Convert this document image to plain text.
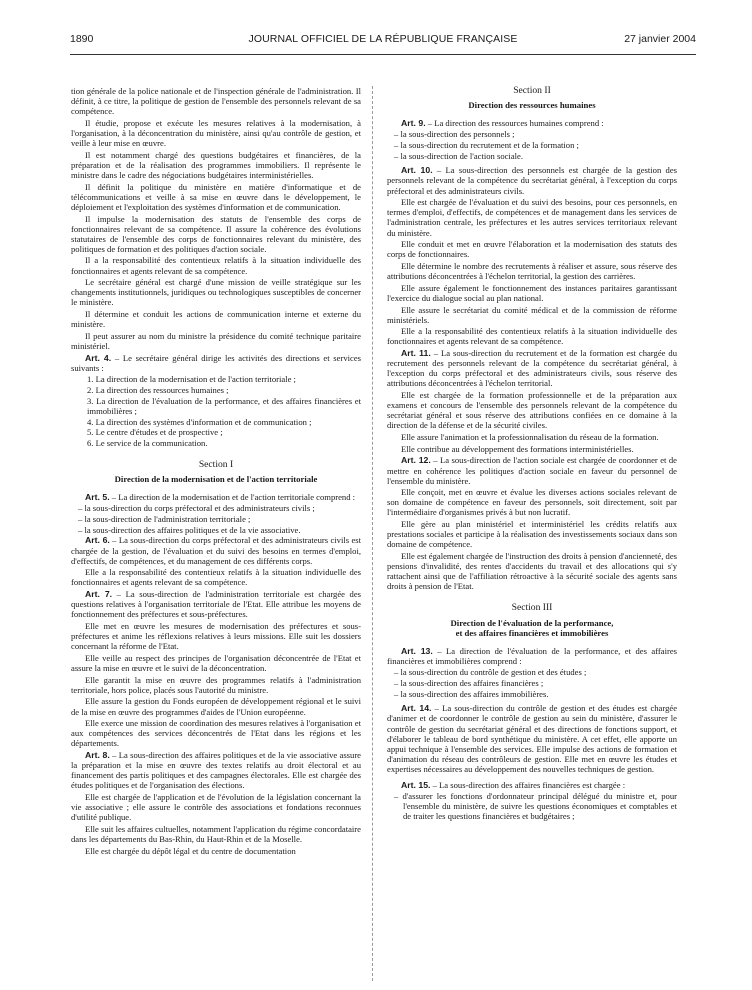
1890	JOURNAL OFFICIEL DE LA RÉPUBLIQUE FRANÇAISE	27 janvier 2004

tion générale de la police nationale et de l'inspection générale de l'administration. Il définit, à ce titre, la politique de gestion de l'ensemble des personnels relevant de sa compétence.

Il étudie, propose et exécute les mesures relatives à la modernisation, à l'organisation, à la déconcentration du ministère, ainsi qu'au contrôle de gestion, et veille à leur mise en œuvre.

Il est notamment chargé des questions budgétaires et financières, de la préparation et de la réalisation des programmes immobiliers. Il représente le ministre dans le cadre des négociations budgétaires interministérielles.

Il définit la politique du ministère en matière d'informatique et de télécommunications et veille à sa mise en œuvre dans le développement, le déploiement et l'exploitation des systèmes d'information et de communication.

Il impulse la modernisation des statuts de l'ensemble des corps de fonctionnaires relevant de sa compétence. Il assure la cohérence des évolutions statutaires de l'ensemble des corps de fonctionnaires relevant du ministère, des politiques de formation et des politiques d'action sociale.

Il a la responsabilité des contentieux relatifs à la situation individuelle des fonctionnaires et agents relevant de sa compétence.

Le secrétaire général est chargé d'une mission de veille stratégique sur les changements institutionnels, juridiques ou technologiques susceptibles de concerner le ministère.

Il détermine et conduit les actions de communication interne et externe du ministère.

Il peut assurer au nom du ministre la présidence du comité technique paritaire ministériel.

Art. 4. – Le secrétaire général dirige les activités des directions et services suivants :

1. La direction de la modernisation et de l'action territoriale ;
2. La direction des ressources humaines ;
3. La direction de l'évaluation de la performance, et des affaires financières et immobilières ;
4. La direction des systèmes d'information et de communication ;
5. Le centre d'études et de prospective ;
6. Le service de la communication.
Section I
Direction de la modernisation et de l'action territoriale

Art. 5. – La direction de la modernisation et de l'action territoriale comprend :

– la sous-direction du corps préfectoral et des administrateurs civils ;
– la sous-direction de l'administration territoriale ;
– la sous-direction des affaires politiques et de la vie associative.

Art. 6. – La sous-direction du corps préfectoral et des administrateurs civils est chargée de la gestion, de l'évaluation et du suivi des besoins en termes d'emploi, d'effectifs, de compétences, et du management de ces différents corps.

Elle a la responsabilité des contentieux relatifs à la situation individuelle des fonctionnaires et agents relevant de sa compétence.

Art. 7. – La sous-direction de l'administration territoriale est chargée des questions relatives à l'organisation territoriale de l'Etat. Elle attribue les moyens de fonctionnement des préfectures et sous-préfectures.

Elle met en œuvre les mesures de modernisation des préfectures et sous-préfectures et anime les réflexions relatives à leurs missions. Elle suit les dossiers concernant la réforme de l'Etat.

Elle veille au respect des principes de l'organisation déconcentrée de l'Etat et assure la mise en œuvre et le suivi de la déconcentration.

Elle garantit la mise en œuvre des programmes relatifs à l'administration territoriale, hors police, placés sous l'autorité du ministre.

Elle assure la gestion du Fonds européen de développement régional et le suivi de la mise en œuvre des programmes d'aides de l'Union européenne.

Elle exerce une mission de coordination des mesures relatives à l'organisation et aux compétences des services déconcentrés de l'Etat dans les régions et les départements.

Art. 8. – La sous-direction des affaires politiques et de la vie associative assure la préparation et la mise en œuvre des textes relatifs au droit électoral et au financement des partis politiques et des campagnes électorales. Elle est chargée des études politiques et de l'organisation des élections.

Elle est chargée de l'application et de l'évolution de la législation concernant la vie associative ; elle assure le contrôle des associations et fondations reconnues d'utilité publique.

Elle suit les affaires cultuelles, notamment l'application du régime concordataire dans les départements du Bas-Rhin, du Haut-Rhin et de la Moselle.

Elle est chargée du dépôt légal et du centre de documentation

Section II
Direction des ressources humaines

Art. 9. – La direction des ressources humaines comprend :

– la sous-direction des personnels ;
– la sous-direction du recrutement et de la formation ;
– la sous-direction de l'action sociale.

Art. 10. – La sous-direction des personnels est chargée de la gestion des personnels relevant de la compétence du secrétariat général, à l'exception du corps préfectoral et des administrateurs civils.

Elle est chargée de l'évaluation et du suivi des besoins, pour ces personnels, en termes d'emploi, d'effectifs, de compétences et de management dans les services de l'administration centrale, les préfectures et les autres services territoriaux relevant du ministère.

Elle conduit et met en œuvre l'élaboration et la modernisation des statuts des corps de fonctionnaires.

Elle détermine le nombre des recrutements à réaliser et assure, sous réserve des attributions déconcentrées à l'échelon territorial, la gestion des carrières.

Elle assure également le fonctionnement des instances paritaires garantissant l'exercice du dialogue social au plan national.

Elle assure le secrétariat du comité médical et de la commission de réforme ministériels.

Elle a la responsabilité des contentieux relatifs à la situation individuelle des fonctionnaires et agents relevant de sa compétence.

Art. 11. – La sous-direction du recrutement et de la formation est chargée du recrutement des personnels relevant de la compétence du secrétariat général, à l'exception du corps préfectoral et des administrateurs civils, sous réserve des attributions déconcentrées à l'échelon territorial.

Elle est chargée de la formation professionnelle et de la préparation aux examens et concours de l'ensemble des personnels relevant de la compétence du secrétariat général et sous réserve des attributions confiées en ce domaine à la direction de la défense et de la sécurité civiles.

Elle assure l'animation et la professionnalisation du réseau de la formation.

Elle contribue au développement des formations interministérielles.

Art. 12. – La sous-direction de l'action sociale est chargée de coordonner et de mettre en cohérence les politiques d'action sociale en faveur du personnel de l'ensemble du ministère.

Elle conçoit, met en œuvre et évalue les diverses actions sociales relevant de son domaine de compétence en faveur des personnels, soit directement, soit par l'intermédiaire d'organismes privés à but non lucratif.

Elle gère au plan ministériel et interministériel les crédits relatifs aux prestations sociales et participe à la réalisation des investissements sociaux dans son domaine de compétence.

Elle est également chargée de l'instruction des droits à pension d'ancienneté, des pensions d'invalidité, des rentes d'accidents du travail et des allocations qui s'y rattachent ainsi que de l'affiliation rétroactive à la sécurité sociale des agents sans droits à pension de l'Etat.

Section III
Direction de l'évaluation de la performance,
et des affaires financières et immobilières

Art. 13. – La direction de l'évaluation de la performance, et des affaires financières et immobilières comprend :

– la sous-direction du contrôle de gestion et des études ;
– la sous-direction des affaires financières ;
– la sous-direction des affaires immobilières.

Art. 14. – La sous-direction du contrôle de gestion et des études est chargée d'animer et de coordonner le contrôle de gestion au sein du ministère, d'assurer le contrôle de gestion du secrétariat général et des directions de fonctions support, et d'élaborer le tableau de bord synthétique du ministère. A cet effet, elle apporte un appui technique à l'ensemble des services. Elle impulse des actions de formation et d'animation du réseau des contrôleurs de gestion. Elle met en œuvre les études et expertises nécessaires au développement des nouvelles techniques de gestion.

Art. 15. – La sous-direction des affaires financières est chargée :

– d'assurer les fonctions d'ordonnateur principal délégué du ministre et, pour l'ensemble du ministère, de suivre les questions économiques et comptables et de traiter les questions financières et budgétaires ;
